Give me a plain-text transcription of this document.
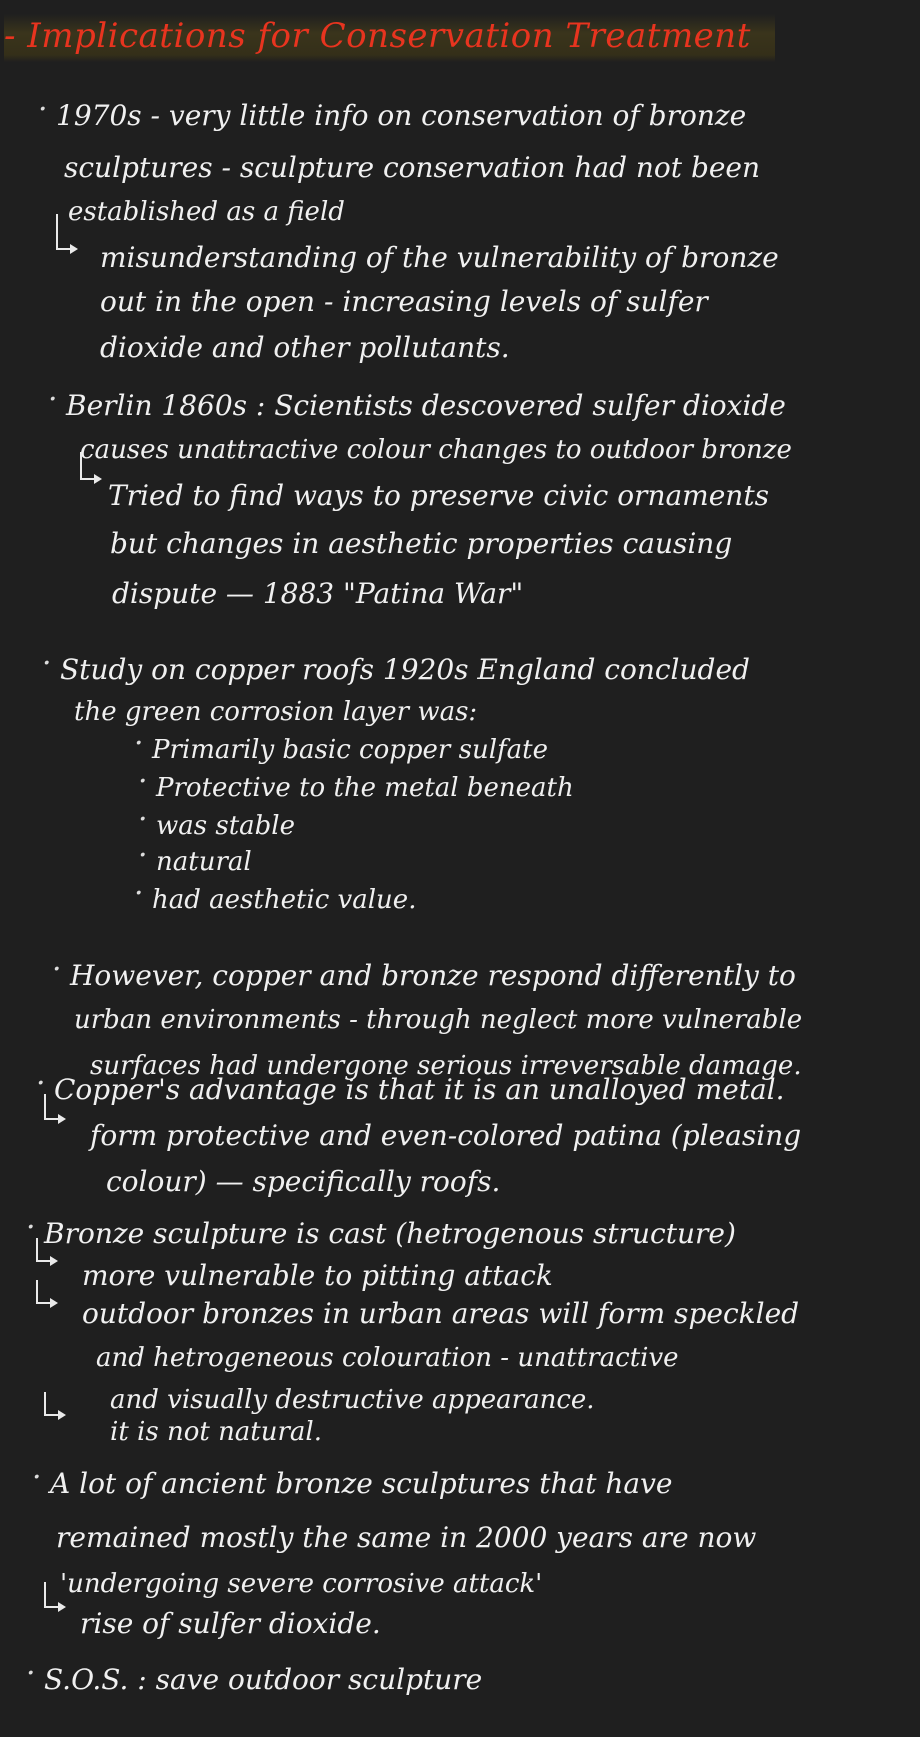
- Implications for Conservation Treatment

· 1970s - very little info on conservation of bronze

sculptures - sculpture conservation had not been

established as a field

misunderstanding of the vulnerability of bronze

out in the open - increasing levels of sulfer

dioxide and other pollutants.

· Berlin 1860s : Scientists descovered sulfer dioxide

causes unattractive colour changes to outdoor bronze

Tried to find ways to preserve civic ornaments

but changes in aesthetic properties causing

dispute — 1883 "Patina War"

· Study on copper roofs 1920s England concluded

the green corrosion layer was:

· Primarily basic copper sulfate

· Protective to the metal beneath

· was stable

· natural

· had aesthetic value.

· However, copper and bronze respond differently to

urban environments - through neglect more vulnerable

surfaces had undergone serious irreversable damage.

· Copper's advantage is that it is an unalloyed metal.

form protective and even-colored patina (pleasing

colour) — specifically roofs.

· Bronze sculpture is cast (hetrogenous structure)

more vulnerable to pitting attack

outdoor bronzes in urban areas will form speckled

and hetrogeneous colouration - unattractive

and visually destructive appearance.

it is not natural.

· A lot of ancient bronze sculptures that have

remained mostly the same in 2000 years are now

'undergoing severe corrosive attack'

rise of sulfer dioxide.

· S.O.S. : save outdoor sculpture
